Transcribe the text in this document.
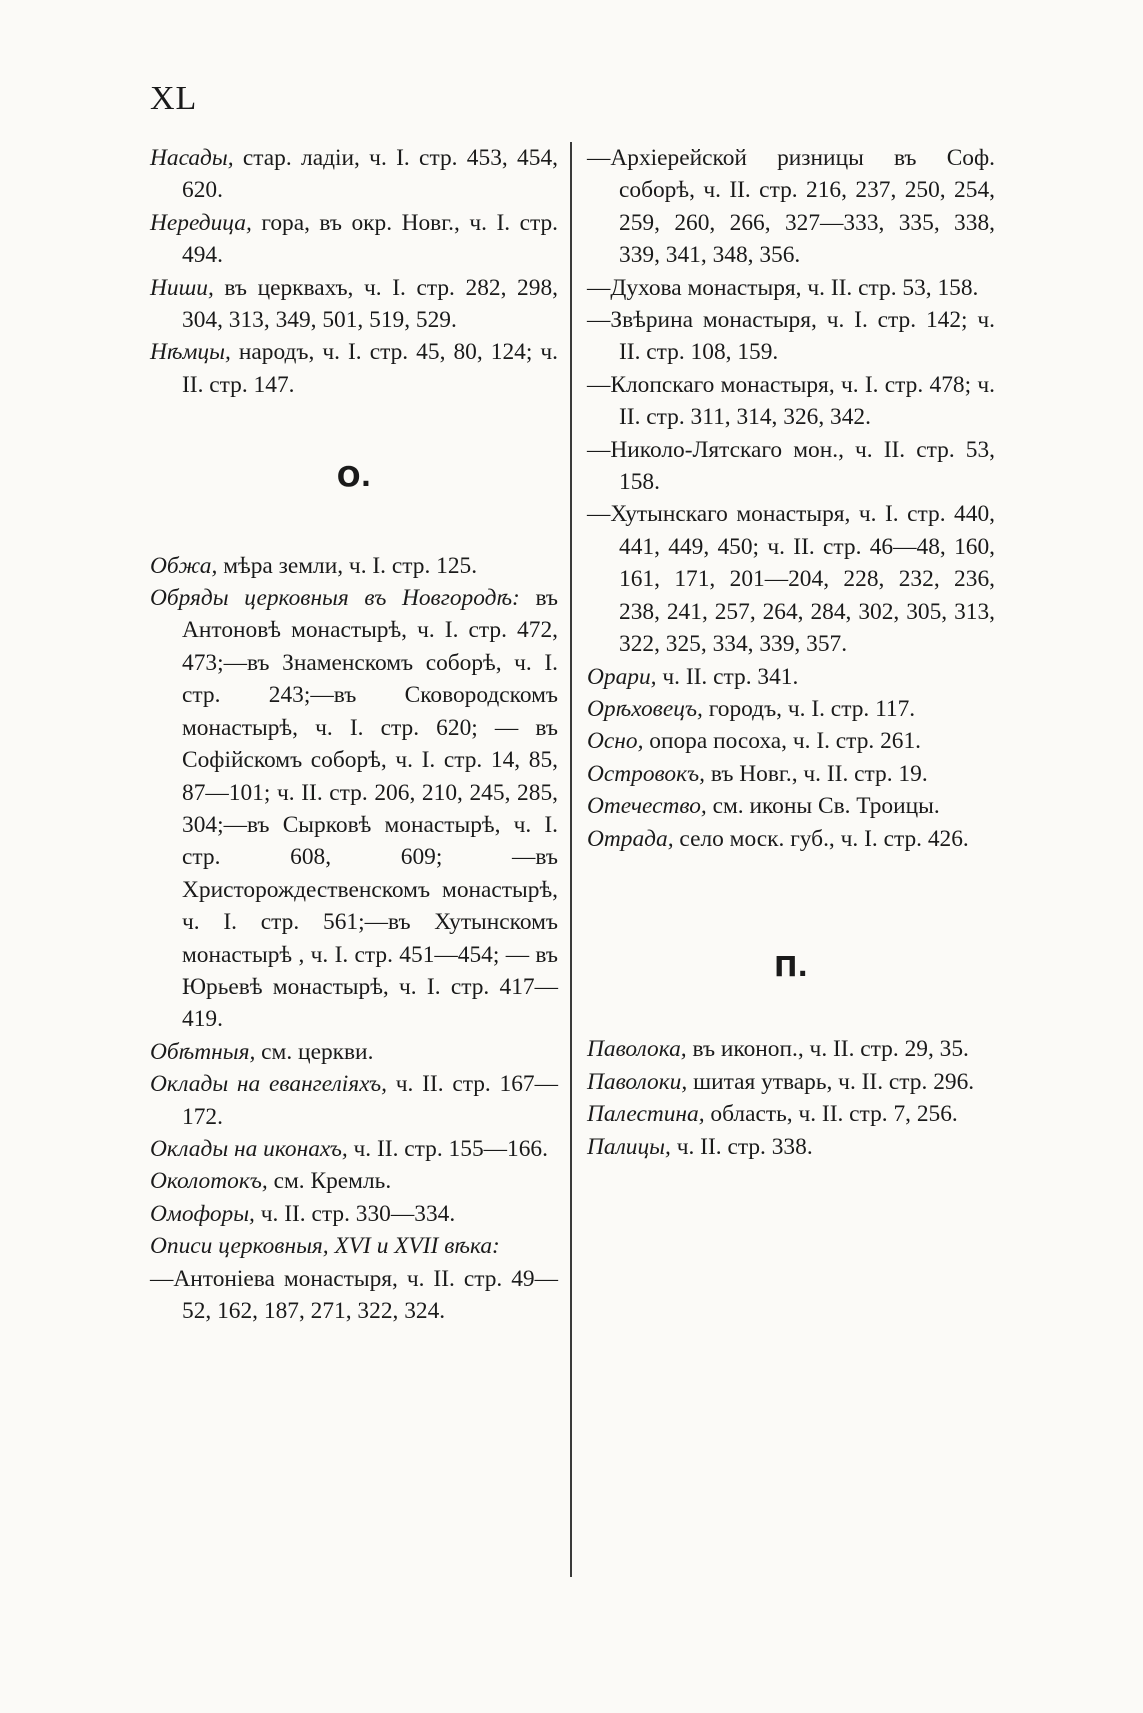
XL

Насады, стар. ладіи, ч. I. стр. 453, 454, 620.

Нередица, гора, въ окр. Новг., ч. I. стр. 494.

Ниши, въ церквахъ, ч. I. стр. 282, 298, 304, 313, 349, 501, 519, 529.

Нѣмцы, народъ, ч. I. стр. 45, 80, 124; ч. II. стр. 147.

О.

Обжа, мѣра земли, ч. I. стр. 125.

Обряды церковныя въ Новгородѣ: въ Антоновѣ монастырѣ, ч. I. стр. 472, 473;—въ Знаменскомъ соборѣ, ч. I. стр. 243;—въ Сковородскомъ монастырѣ, ч. I. стр. 620; — въ Софійскомъ соборѣ, ч. I. стр. 14, 85, 87—101; ч. II. стр. 206, 210, 245, 285, 304;—въ Сырковѣ монастырѣ, ч. I. стр. 608, 609; —въ Христорождественскомъ монастырѣ, ч. I. стр. 561;—въ Хутынскомъ монастырѣ , ч. I. стр. 451—454; — въ Юрьевѣ монастырѣ, ч. I. стр. 417—419.

Обѣтныя, см. церкви.

Оклады на евангеліяхъ, ч. II. стр. 167—172.

Оклады на иконахъ, ч. II. стр. 155—166.

Околотокъ, см. Кремль.

Омофоры, ч. II. стр. 330—334.

Описи церковныя, XVI и XVII вѣка:

—Антоніева монастыря, ч. II. стр. 49—52, 162, 187, 271, 322, 324.

—Архіерейской ризницы въ Соф. соборѣ, ч. II. стр. 216, 237, 250, 254, 259, 260, 266, 327—333, 335, 338, 339, 341, 348, 356.

—Духова монастыря, ч. II. стр. 53, 158.

—Звѣрина монастыря, ч. I. стр. 142; ч. II. стр. 108, 159.

—Клопскаго монастыря, ч. I. стр. 478; ч. II. стр. 311, 314, 326, 342.

—Николо-Лятскаго мон., ч. II. стр. 53, 158.

—Хутынскаго монастыря, ч. I. стр. 440, 441, 449, 450; ч. II. стр. 46—48, 160, 161, 171, 201—204, 228, 232, 236, 238, 241, 257, 264, 284, 302, 305, 313, 322, 325, 334, 339, 357.

Орари, ч. II. стр. 341.

Орѣховецъ, городъ, ч. I. стр. 117.

Осно, опора посоха, ч. I. стр. 261.

Островокъ, въ Новг., ч. II. стр. 19.

Отечество, см. иконы Св. Троицы.

Отрада, село моск. губ., ч. I. стр. 426.

П.

Паволока, въ иконоп., ч. II. стр. 29, 35.

Паволоки, шитая утварь, ч. II. стр. 296.

Палестина, область, ч. II. стр. 7, 256.

Палицы, ч. II. стр. 338.
